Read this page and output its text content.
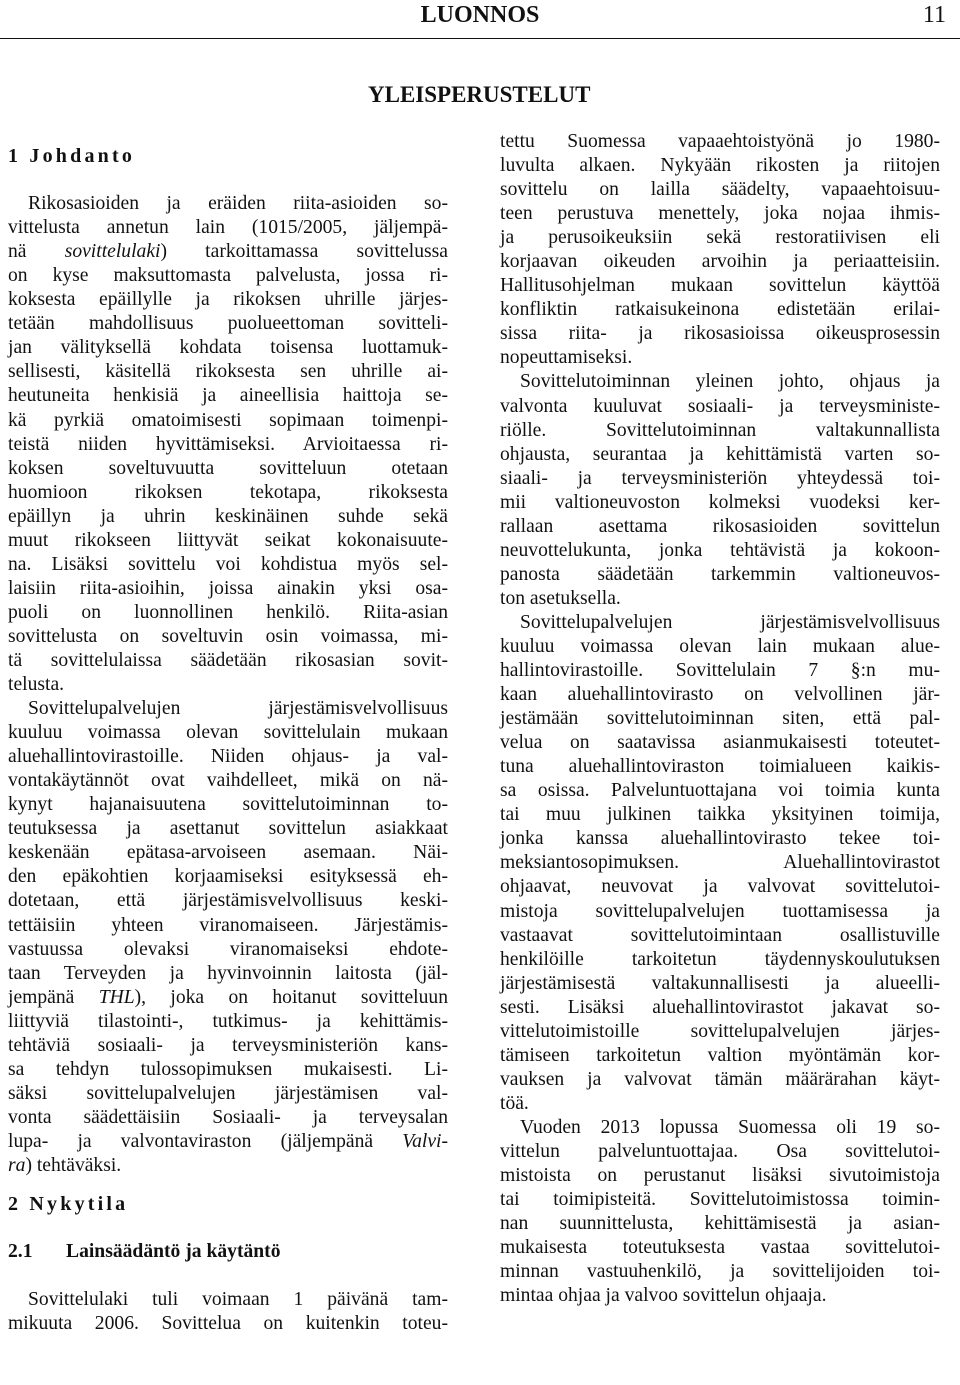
LUONNOS	11
YLEISPERUSTELUT
1 Johdanto
Rikosasioiden ja eräiden riita-asioiden so-
vittelusta annetun lain (1015/2005, jäljempä-
nä sovittelulaki) tarkoittamassa sovittelussa
on kyse maksuttomasta palvelusta, jossa ri-
koksesta epäillylle ja rikoksen uhrille järjes-
tetään mahdollisuus puolueettoman sovitteli-
jan välityksellä kohdata toisensa luottamuk-
sellisesti, käsitellä rikoksesta sen uhrille ai-
heutuneita henkisiä ja aineellisia haittoja se-
kä pyrkiä omatoimisesti sopimaan toimenpi-
teistä niiden hyvittämiseksi. Arvioitaessa ri-
koksen soveltuvuutta sovitteluun otetaan
huomioon rikoksen tekotapa, rikoksesta
epäillyn ja uhrin keskinäinen suhde sekä
muut rikokseen liittyvät seikat kokonaisuute-
na. Lisäksi sovittelu voi kohdistua myös sel-
laisiin riita-asioihin, joissa ainakin yksi osa-
puoli on luonnollinen henkilö. Riita-asian
sovittelusta on soveltuvin osin voimassa, mi-
tä sovittelulaissa säädetään rikosasian sovit-
telusta.
Sovittelupalvelujen järjestämisvelvollisuus
kuuluu voimassa olevan sovittelulain mukaan
aluehallintovirastoille. Niiden ohjaus- ja val-
vontakäytännöt ovat vaihdelleet, mikä on nä-
kynyt hajanaisuutena sovittelutoiminnan to-
teutuksessa ja asettanut sovittelun asiakkaat
keskenään epätasa-arvoiseen asemaan. Näi-
den epäkohtien korjaamiseksi esityksessä eh-
dotetaan, että järjestämisvelvollisuus keski-
tettäisiin yhteen viranomaiseen. Järjestämis-
vastuussa olevaksi viranomaiseksi ehdote-
taan Terveyden ja hyvinvoinnin laitosta (jäl-
jempänä THL), joka on hoitanut sovitteluun
liittyviä tilastointi-, tutkimus- ja kehittämis-
tehtäviä sosiaali- ja terveysministeriön kans-
sa tehdyn tulossopimuksen mukaisesti. Li-
säksi sovittelupalvelujen järjestämisen val-
vonta säädettäisiin Sosiaali- ja terveysalan
lupa- ja valvontaviraston (jäljempänä Valvi-
ra) tehtäväksi.
2 Nykytila
2.1 Lainsäädäntö ja käytäntö
Sovittelulaki tuli voimaan 1 päivänä tam-
mikuuta 2006. Sovittelua on kuitenkin toteu-
tettu Suomessa vapaaehtoistyönä jo 1980-
luvulta alkaen. Nykyään rikosten ja riitojen
sovittelu on lailla säädelty, vapaaehtoisuu-
teen perustuva menettely, joka nojaa ihmis-
ja perusoikeuksiin sekä restoratiivisen eli
korjaavan oikeuden arvoihin ja periaatteisiin.
Hallitusohjelman mukaan sovittelun käyttöä
konfliktin ratkaisukeinona edistetään erilai-
sissa riita- ja rikosasioissa oikeusprosessin
nopeuttamiseksi.
Sovittelutoiminnan yleinen johto, ohjaus ja
valvonta kuuluvat sosiaali- ja terveysministe-
riölle. Sovittelutoiminnan valtakunnallista
ohjausta, seurantaa ja kehittämistä varten so-
siaali- ja terveysministeriön yhteydessä toi-
mii valtioneuvoston kolmeksi vuodeksi ker-
rallaan asettama rikosasioiden sovittelun
neuvottelukunta, jonka tehtävistä ja kokoon-
panosta säädetään tarkemmin valtioneuvos-
ton asetuksella.
Sovittelupalvelujen järjestämisvelvollisuus
kuuluu voimassa olevan lain mukaan alue-
hallintovirastoille. Sovittelulain 7 §:n mu-
kaan aluehallintovirasto on velvollinen jär-
jestämään sovittelutoiminnan siten, että pal-
velua on saatavissa asianmukaisesti toteutet-
tuna aluehallintoviraston toimialueen kaikis-
sa osissa. Palveluntuottajana voi toimia kunta
tai muu julkinen taikka yksityinen toimija,
jonka kanssa aluehallintovirasto tekee toi-
meksiantosopimuksen. Aluehallintovirastot
ohjaavat, neuvovat ja valvovat sovittelutoi-
mistoja sovittelupalvelujen tuottamisessa ja
vastaavat sovittelutoimintaan osallistuville
henkilöille tarkoitetun täydennyskoulutuksen
järjestämisestä valtakunnallisesti ja alueelli-
sesti. Lisäksi aluehallintovirastot jakavat so-
vittelutoimistoille sovittelupalvelujen järjes-
tämiseen tarkoitetun valtion myöntämän kor-
vauksen ja valvovat tämän määrärahan käyt-
töä.
Vuoden 2013 lopussa Suomessa oli 19 so-
vittelun palveluntuottajaa. Osa sovittelutoi-
mistoista on perustanut lisäksi sivutoimistoja
tai toimipisteitä. Sovittelutoimistossa toimin-
nan suunnittelusta, kehittämisestä ja asian-
mukaisesta toteutuksesta vastaa sovittelutoi-
minnan vastuuhenkilö, ja sovittelijoiden toi-
mintaa ohjaa ja valvoo sovittelun ohjaaja.
